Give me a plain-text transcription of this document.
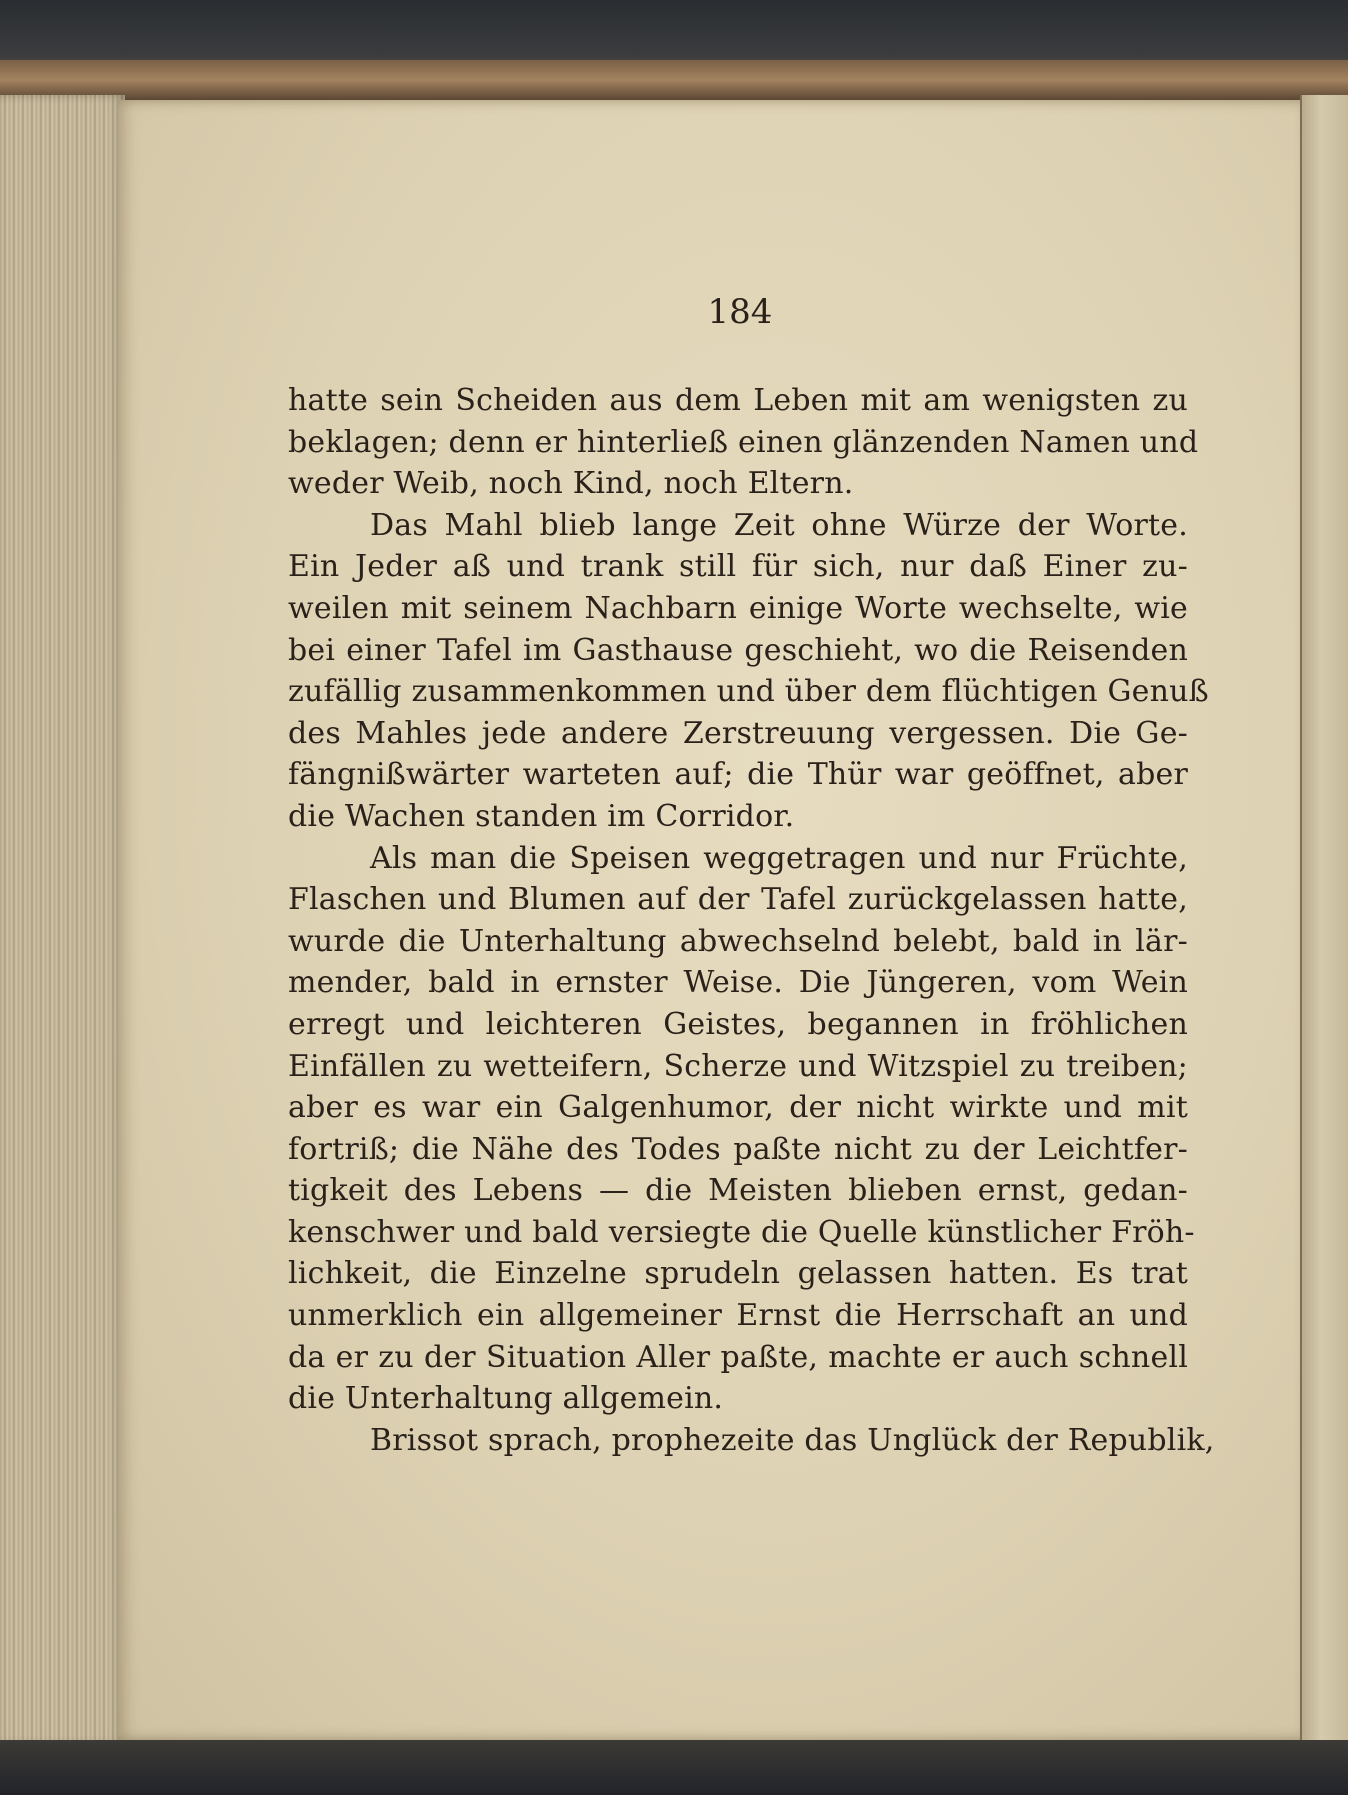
184
hatte sein Scheiden aus dem Leben mit am wenigsten zu
beklagen; denn er hinterließ einen glänzenden Namen und
weder Weib, noch Kind, noch Eltern.
Das Mahl blieb lange Zeit ohne Würze der Worte.
Ein Jeder aß und trank still für sich, nur daß Einer zu-
weilen mit seinem Nachbarn einige Worte wechselte, wie
bei einer Tafel im Gasthause geschieht, wo die Reisenden
zufällig zusammenkommen und über dem flüchtigen Genuß
des Mahles jede andere Zerstreuung vergessen. Die Ge-
fängnißwärter warteten auf; die Thür war geöffnet, aber
die Wachen standen im Corridor.
Als man die Speisen weggetragen und nur Früchte,
Flaschen und Blumen auf der Tafel zurückgelassen hatte,
wurde die Unterhaltung abwechselnd belebt, bald in lär-
mender, bald in ernster Weise. Die Jüngeren, vom Wein
erregt und leichteren Geistes, begannen in fröhlichen
Einfällen zu wetteifern, Scherze und Witzspiel zu treiben;
aber es war ein Galgenhumor, der nicht wirkte und mit
fortriß; die Nähe des Todes paßte nicht zu der Leichtfer-
tigkeit des Lebens — die Meisten blieben ernst, gedan-
kenschwer und bald versiegte die Quelle künstlicher Fröh-
lichkeit, die Einzelne sprudeln gelassen hatten. Es trat
unmerklich ein allgemeiner Ernst die Herrschaft an und
da er zu der Situation Aller paßte, machte er auch schnell
die Unterhaltung allgemein.
Brissot sprach, prophezeite das Unglück der Republik,
